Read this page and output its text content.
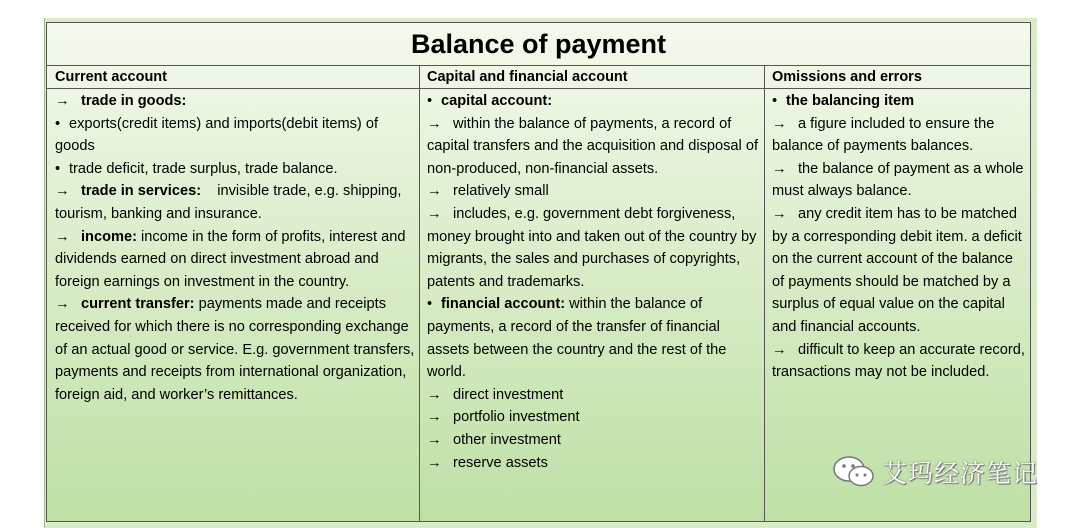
Balance of payment
Current account	Capital and financial account	Omissions and errors
→ trade in goods:
• exports(credit items) and imports(debit items) of goods
• trade deficit, trade surplus, trade balance.
→ trade in services:    invisible trade, e.g. shipping, tourism, banking and insurance.
→ income: income in the form of profits, interest and dividends earned on direct investment abroad and foreign earnings on investment in the country.
→ current transfer: payments made and receipts received for which there is no corresponding exchange of an actual good or service. E.g. government transfers, payments and receipts from international organization, foreign aid, and worker’s remittances.
• capital account:
→ within the balance of payments, a record of capital transfers and the acquisition and disposal of non-produced, non-financial assets.
→ relatively small
→ includes, e.g. government debt forgiveness, money brought into and taken out of the country by migrants, the sales and purchases of copyrights, patents and trademarks.
• financial account: within the balance of payments, a record of the transfer of financial assets between the country and the rest of the world.
→ direct investment
→ portfolio investment
→ other investment
→ reserve assets
• the balancing item
→ a figure included to ensure the balance of payments balances.
→ the balance of payment as a whole must always balance.
→ any credit item has to be matched by a corresponding debit item. a deficit on the current account of the balance of payments should be matched by a surplus of equal value on the capital and financial accounts.
→ difficult to keep an accurate record, transactions may not be included.
艾玛经济笔记
